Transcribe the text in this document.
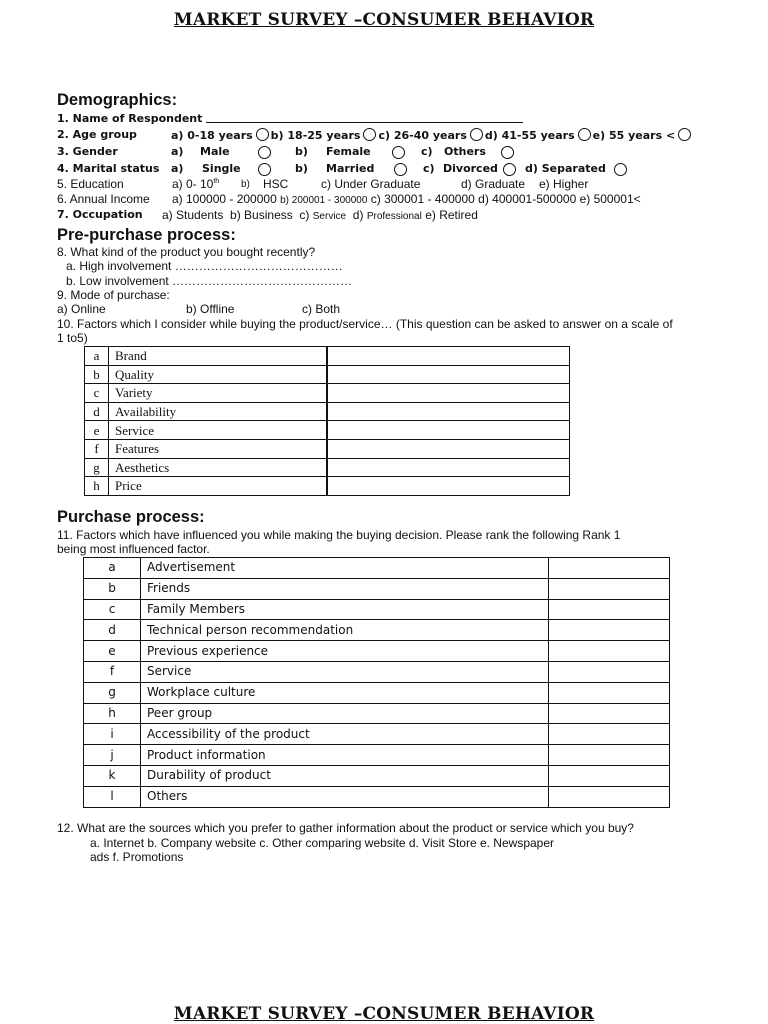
MARKET SURVEY –CONSUMER BEHAVIOR
Demographics:
1. Name of Respondent
2. Age group	a) 0-18 years b) 18-25 years c) 26-40 years d) 41-55 years e) 55 years <
3. Gender	a) Male	b) Female	c) Others
4. Marital status a) Single	b) Married	c) Divorced d) Separated
5. Education	a) 0- 10th b) HSC	c) Under Graduate	d) Graduate e) Higher
6. Annual Income a) 100000 - 200000 b) 200001 - 300000 c) 300001 - 400000 d) 400001-500000 e) 500001<
7. Occupation a) Students b) Business c) Service d) Professional e) Retired
Pre-purchase process:
8. What kind of the product you bought recently?
a. High involvement ……………………………………
b. Low involvement ………………………………………
9. Mode of purchase:
a) Online	b) Offline	c) Both
10. Factors which I consider while buying the product/service… (This question can be asked to answer on a scale of
1 to5)
a	Brand	
b	Quality	
c	Variety	
d	Availability	
e	Service	
f	Features	
g	Aesthetics	
h	Price	
Purchase process:
11. Factors which have influenced you while making the buying decision. Please rank the following Rank 1
being most influenced factor.
a	Advertisement	
b	Friends	
c	Family Members	
d	Technical person recommendation	
e	Previous experience	
f	Service	
g	Workplace culture	
h	Peer group	
i	Accessibility of the product	
j	Product information	
k	Durability of product	
l	Others	
12. What are the sources which you prefer to gather information about the product or service which you buy?
a. Internet b. Company website c. Other comparing website d. Visit Store e. Newspaper
ads f. Promotions
MARKET SURVEY –CONSUMER BEHAVIOR
